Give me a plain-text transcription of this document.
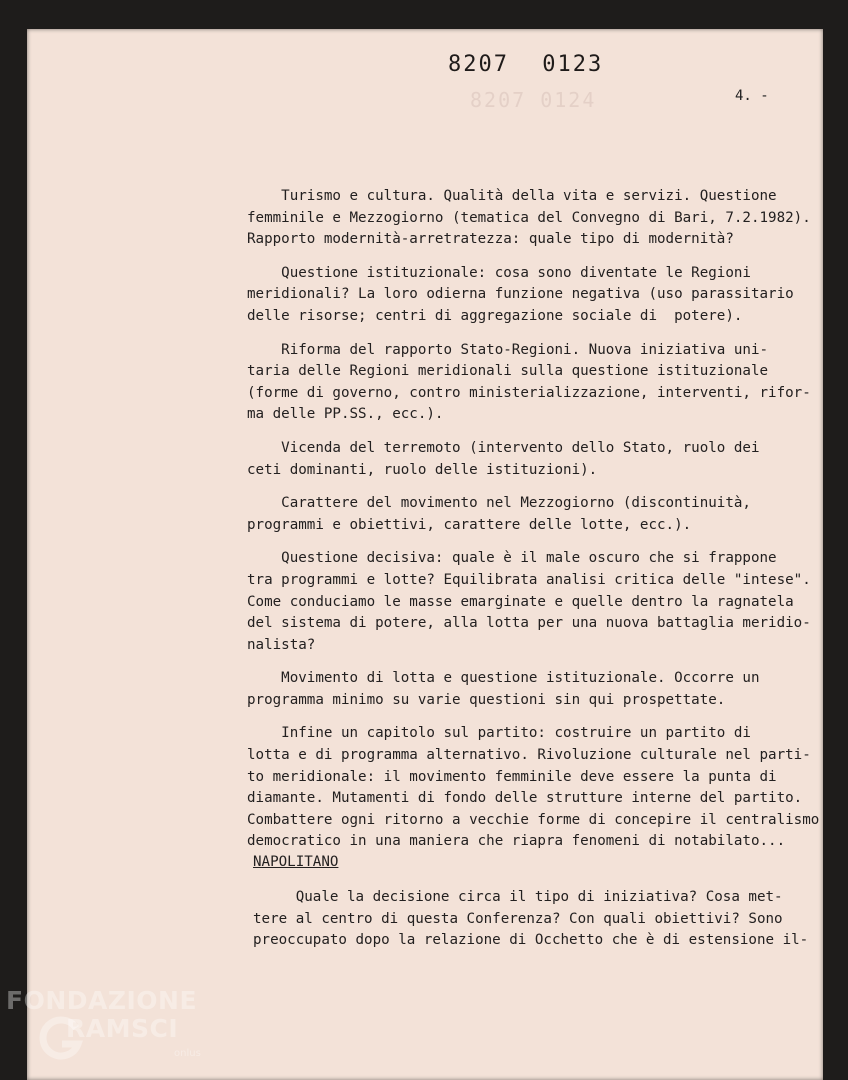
8207 0124
8207 0123
4. -

Turismo e cultura. Qualità della vita e servizi. Questione
femminile e Mezzogiorno (tematica del Convegno di Bari, 7.2.1982).
Rapporto modernità-arretratezza: quale tipo di modernità?

Questione istituzionale: cosa sono diventate le Regioni
meridionali? La loro odierna funzione negativa (uso parassitario
delle risorse; centri di aggregazione sociale di  potere).

Riforma del rapporto Stato-Regioni. Nuova iniziativa uni-
taria delle Regioni meridionali sulla questione istituzionale
(forme di governo, contro ministerializzazione, interventi, rifor-
ma delle PP.SS., ecc.).

Vicenda del terremoto (intervento dello Stato, ruolo dei
ceti dominanti, ruolo delle istituzioni).

Carattere del movimento nel Mezzogiorno (discontinuità,
programmi e obiettivi, carattere delle lotte, ecc.).

Questione decisiva: quale è il male oscuro che si frappone
tra programmi e lotte? Equilibrata analisi critica delle "intese".
Come conduciamo le masse emarginate e quelle dentro la ragnatela
del sistema di potere, alla lotta per una nuova battaglia meridio-
nalista?

Movimento di lotta e questione istituzionale. Occorre un
programma minimo su varie questioni sin qui prospettate.

Infine un capitolo sul partito: costruire un partito di
lotta e di programma alternativo. Rivoluzione culturale nel parti-
to meridionale: il movimento femminile deve essere la punta di
diamante. Mutamenti di fondo delle strutture interne del partito.
Combattere ogni ritorno a vecchie forme di concepire il centralismo
democratico in una maniera che riapra fenomeni di notabilato...

NAPOLITANO
Quale la decisione circa il tipo di iniziativa? Cosa met-
tere al centro di questa Conferenza? Con quali obiettivi? Sono
preoccupato dopo la relazione di Occhetto che è di estensione il-
FONDAZIONE
RAMSCI
onlus
